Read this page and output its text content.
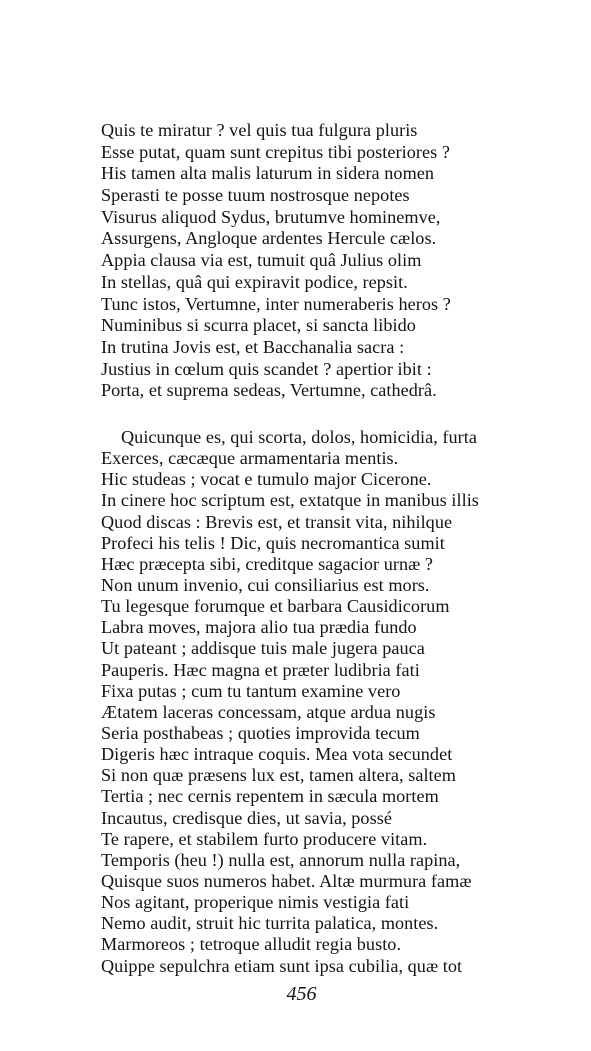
Quis te miratur ? vel quis tua fulgura pluris
Esse putat, quam sunt crepitus tibi posteriores ?
His tamen alta malis laturum in sidera nomen
Sperasti te posse tuum nostrosque nepotes
Visurus aliquod Sydus, brutumve hominemve,
Assurgens, Angloque ardentes Hercule cælos.
Appia clausa via est, tumuit quâ Julius olim
In stellas, quâ qui expiravit podice, repsit.
Tunc istos, Vertumne, inter numeraberis heros ?
Numinibus si scurra placet, si sancta libido
In trutina Jovis est, et Bacchanalia sacra :
Justius in cœlum quis scandet ? apertior ibit :
Porta, et suprema sedeas, Vertumne, cathedrâ.
Quicunque es, qui scorta, dolos, homicidia, furta
Exerces, cæcæque armamentaria mentis.
Hic studeas ; vocat e tumulo major Cicerone.
In cinere hoc scriptum est, extatque in manibus illis
Quod discas : Brevis est, et transit vita, nihilque
Profeci his telis ! Dic, quis necromantica sumit
Hæc præcepta sibi, creditque sagacior urnæ ?
Non unum invenio, cui consiliarius est mors.
Tu legesque forumque et barbara Causidicorum
Labra moves, majora alio tua prædia fundo
Ut pateant ; addisque tuis male jugera pauca
Pauperis. Hæc magna et præter ludibria fati
Fixa putas ; cum tu tantum examine vero
Ætatem laceras concessam, atque ardua nugis
Seria posthabeas ; quoties improvida tecum
Digeris hæc intraque coquis. Mea vota secundet
Si non quæ præsens lux est, tamen altera, saltem
Tertia ; nec cernis repentem in sæcula mortem
Incautus, credisque dies, ut savia, possé
Te rapere, et stabilem furto producere vitam.
Temporis (heu !) nulla est, annorum nulla rapina,
Quisque suos numeros habet. Altæ murmura famæ
Nos agitant, properique nimis vestigia fati
Nemo audit, struit hic turrita palatica, montes.
Marmoreos ; tetroque alludit regia busto.
Quippe sepulchra etiam sunt ipsa cubilia, quæ tot
456
